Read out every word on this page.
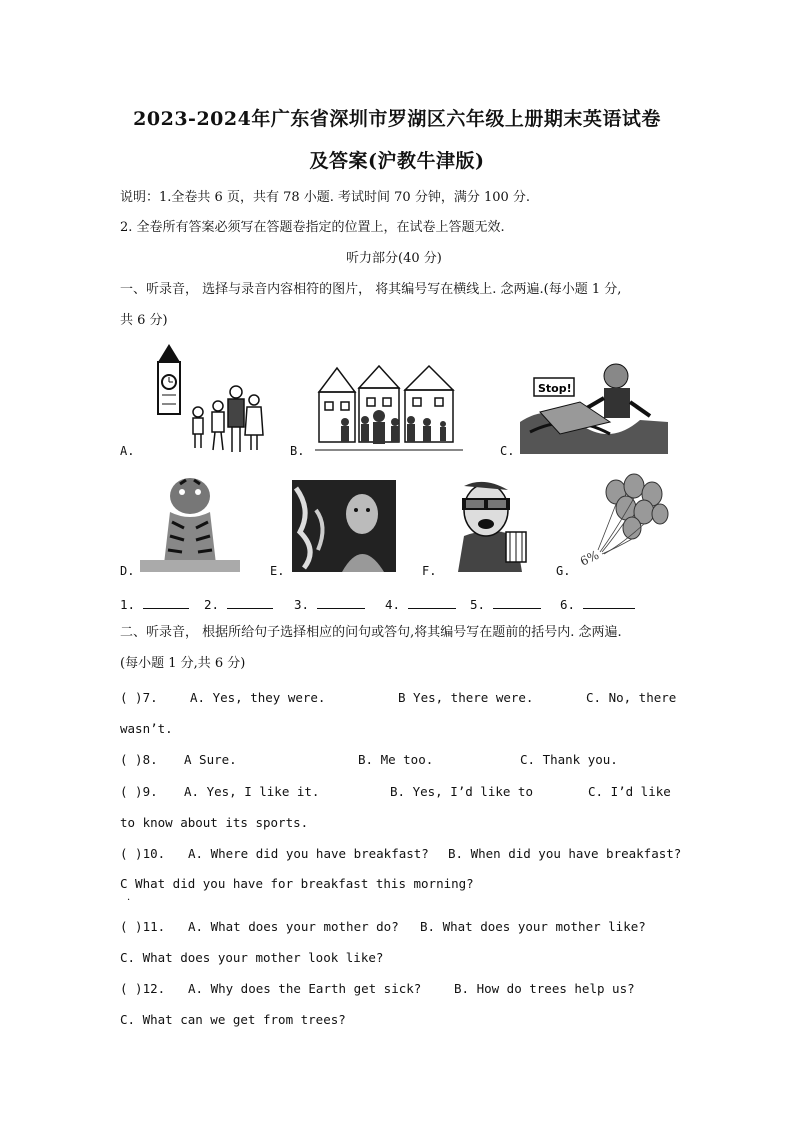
2023-2024年广东省深圳市罗湖区六年级上册期末英语试卷
及答案(沪教牛津版)
说明：1.全卷共 6 页，共有 78 小题. 考试时间 70 分钟，满分 100 分.
2. 全卷所有答案必须写在答题卷指定的位置上，在试卷上答题无效.
听力部分(40 分)
一、听录音， 选择与录音内容相符的图片， 将其编号写在横线上. 念两遍.(每小题 1 分,
共 6 分)
A.	B.	C.
Stop!
D.	E.	F.	G.
6%
1.	2.	3.	4.	5.	6.
二、听录音， 根据所给句子选择相应的问句或答句,将其编号写在题前的括号内. 念两遍.
(每小题 1 分,共 6 分)
( )7.	A. Yes, they were.	B Yes, there were.	C. No, there
wasn’t.
( )8. A Sure.	B. Me too.	C. Thank you.
( )9. A. Yes, I like it.	B. Yes, I’d like to	C. I’d like
to know about its sports.
( )10. A. Where did you have breakfast? B. When did you have breakfast?
C What did you have for breakfast this morning?
·
( )11. A. What does your mother do? B. What does your mother like?
C. What does your mother look like?
( )12. A. Why does the Earth get sick?	B. How do trees help us?
C. What can we get from trees?
